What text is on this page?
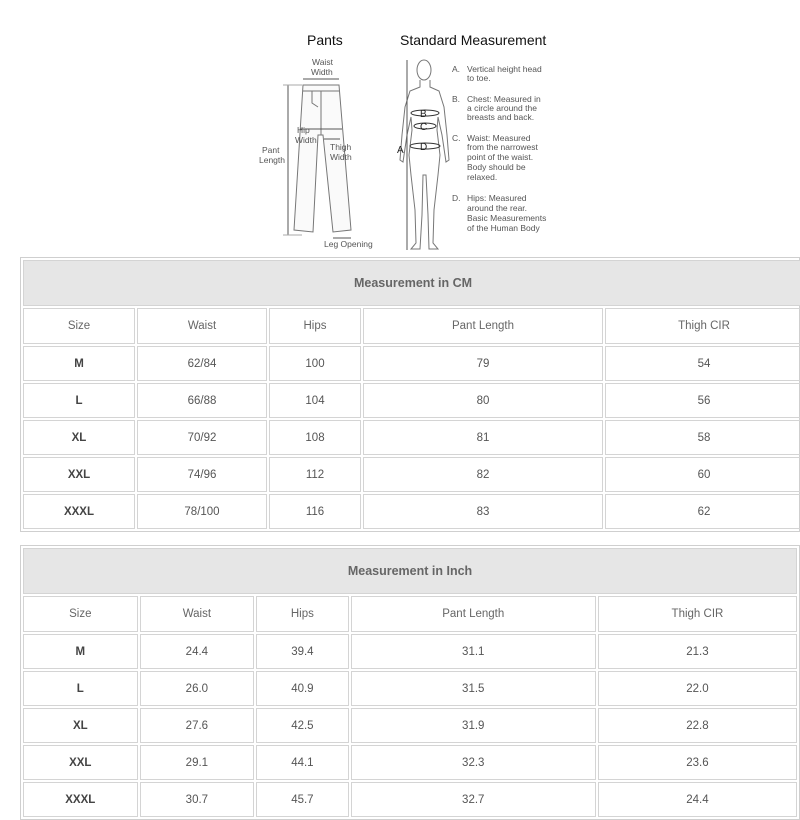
Pants	Standard Measurement
Waist
Width
Hip
Width
Thigh
Width
Pant
Length
Leg Opening
A
B
C
D
A. Vertical height head
to toe.
B. Chest: Measured in
a circle around the
breasts and back.
C. Waist: Measured
from the narrowest
point of the waist.
Body should be
relaxed.
D. Hips: Measured
around the rear.
Basic Measurements
of the Human Body
Measurement in CM				
Size	Waist	Hips	Pant Length	Thigh CIR
M	62/84	100	79	54
L	66/88	104	80	56
XL	70/92	108	81	58
XXL	74/96	112	82	60
XXXL	78/100	116	83	62
Measurement in Inch				
Size	Waist	Hips	Pant Length	Thigh CIR
M	24.4	39.4	31.1	21.3
L	26.0	40.9	31.5	22.0
XL	27.6	42.5	31.9	22.8
XXL	29.1	44.1	32.3	23.6
XXXL	30.7	45.7	32.7	24.4
